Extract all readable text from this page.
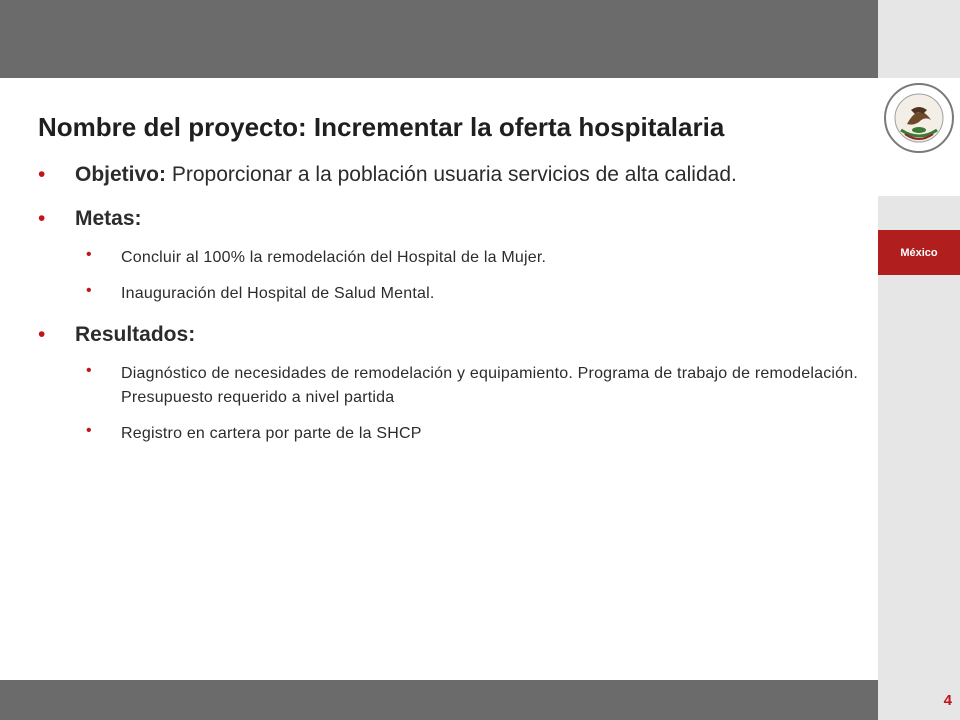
México
Nombre del proyecto: Incrementar la oferta hospitalaria
• Objetivo: Proporcionar a la población usuaria servicios de alta calidad.
• Metas:
• Concluir al 100% la remodelación del Hospital de la Mujer.
• Inauguración del Hospital de Salud Mental.
• Resultados:
• Diagnóstico de necesidades de remodelación y equipamiento. Programa de trabajo de remodelación. Presupuesto requerido a nivel partida
• Registro en cartera por parte de la SHCP
4
